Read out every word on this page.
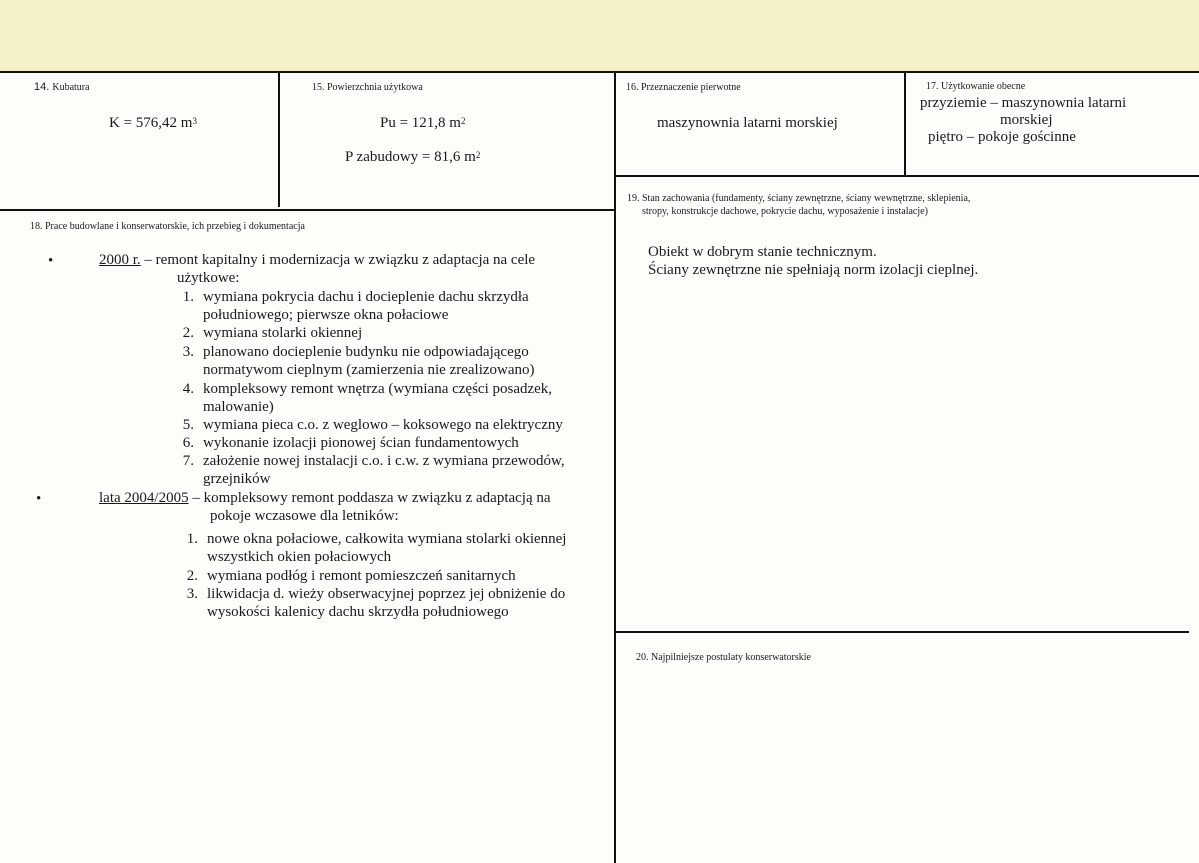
14. Kubatura
K = 576,42 $m^3$
15. Powierzchnia użytkowa
Pu = 121,8 $m^2$
P zabudowy = 81,6 $m^2$
16. Przeznaczenie pierwotne
maszynownia latarni morskiej
17. Użytkowanie obecne
przyziemie – maszynownia latarni
morskiej
piętro – pokoje gościnne
19. Stan zachowania (fundamenty, ściany zewnętrzne, ściany wewnętrzne, sklepienia,
stropy, konstrukcje dachowe, pokrycie dachu, wyposażenie i instalacje)
Obiekt w dobrym stanie technicznym.
Ściany zewnętrzne nie spełniają norm izolacji cieplnej.
20. Najpilniejsze postulaty konserwatorskie
18. Prace budowlane i konserwatorskie, ich przebieg i dokumentacja
•	2000 r. – remont kapitalny i modernizacja w związku z adaptacja na cele
użytkowe:
1. wymiana pokrycia dachu i docieplenie dachu skrzydła
południowego; pierwsze okna połaciowe
2. wymiana stolarki okiennej
3. planowano docieplenie budynku nie odpowiadającego
normatywom cieplnym (zamierzenia nie zrealizowano)
4. kompleksowy remont wnętrza (wymiana części posadzek,
malowanie)
5. wymiana pieca c.o. z weglowo – koksowego na elektryczny
6. wykonanie izolacji pionowej ścian fundamentowych
7. założenie nowej instalacji c.o. i c.w. z wymiana przewodów,
grzejników
•	lata 2004/2005 – kompleksowy remont poddasza w związku z adaptacją na
pokoje wczasowe dla letników:
1. nowe okna połaciowe, całkowita wymiana stolarki okiennej
wszystkich okien połaciowych
2. wymiana podłóg i remont pomieszczeń sanitarnych
3. likwidacja d. wieży obserwacyjnej poprzez jej obniżenie do
wysokości kalenicy dachu skrzydła południowego
